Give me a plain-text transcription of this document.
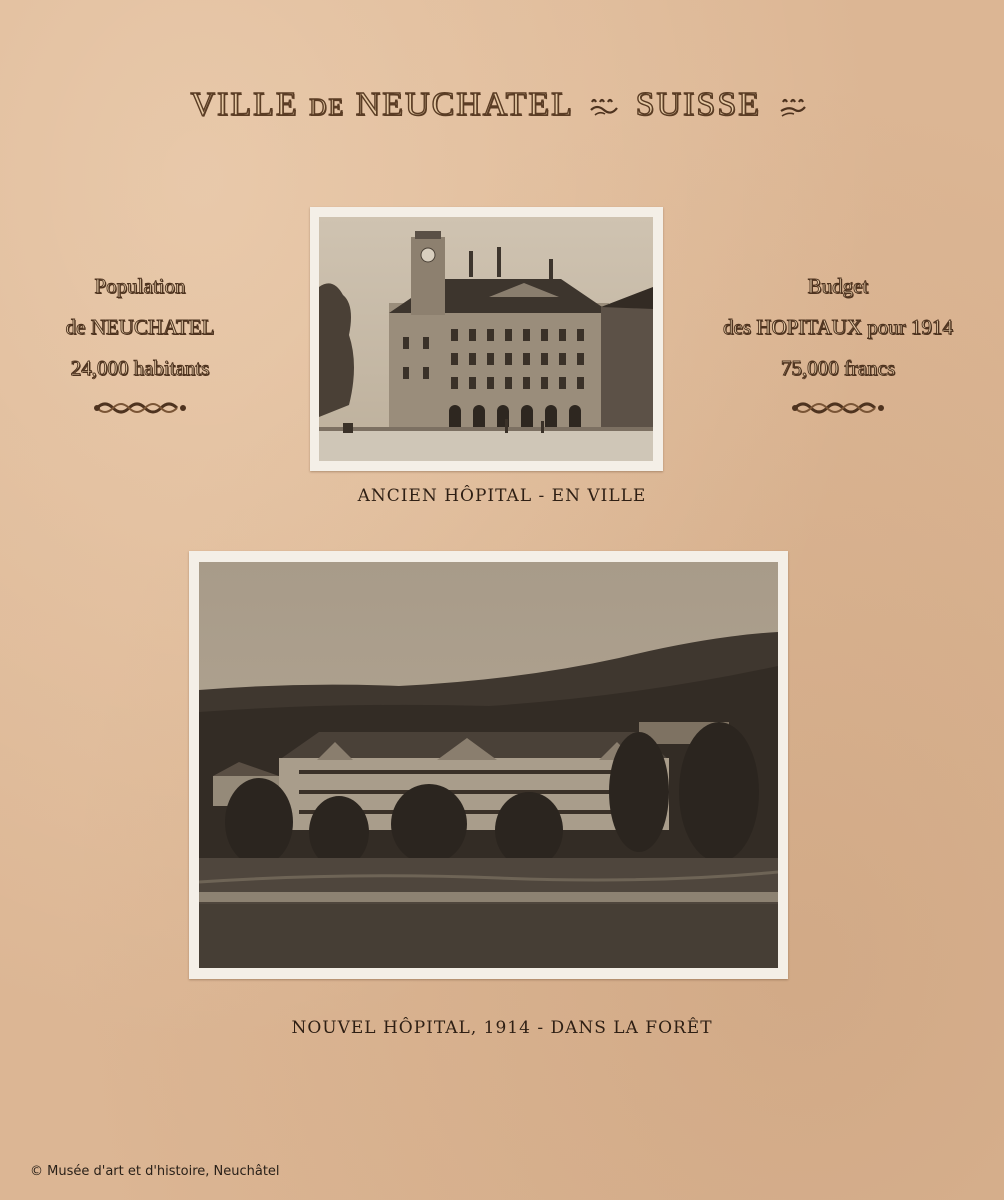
VILLE DE NEUCHATEL SUISSE
Population
de NEUCHATEL
24,000 habitants
Budget
des HOPITAUX pour 1914
75,000 francs
ANCIEN HÔPITAL - EN VILLE
NOUVEL HÔPITAL, 1914 - DANS LA FORÊT
© Musée d'art et d'histoire, Neuchâtel
